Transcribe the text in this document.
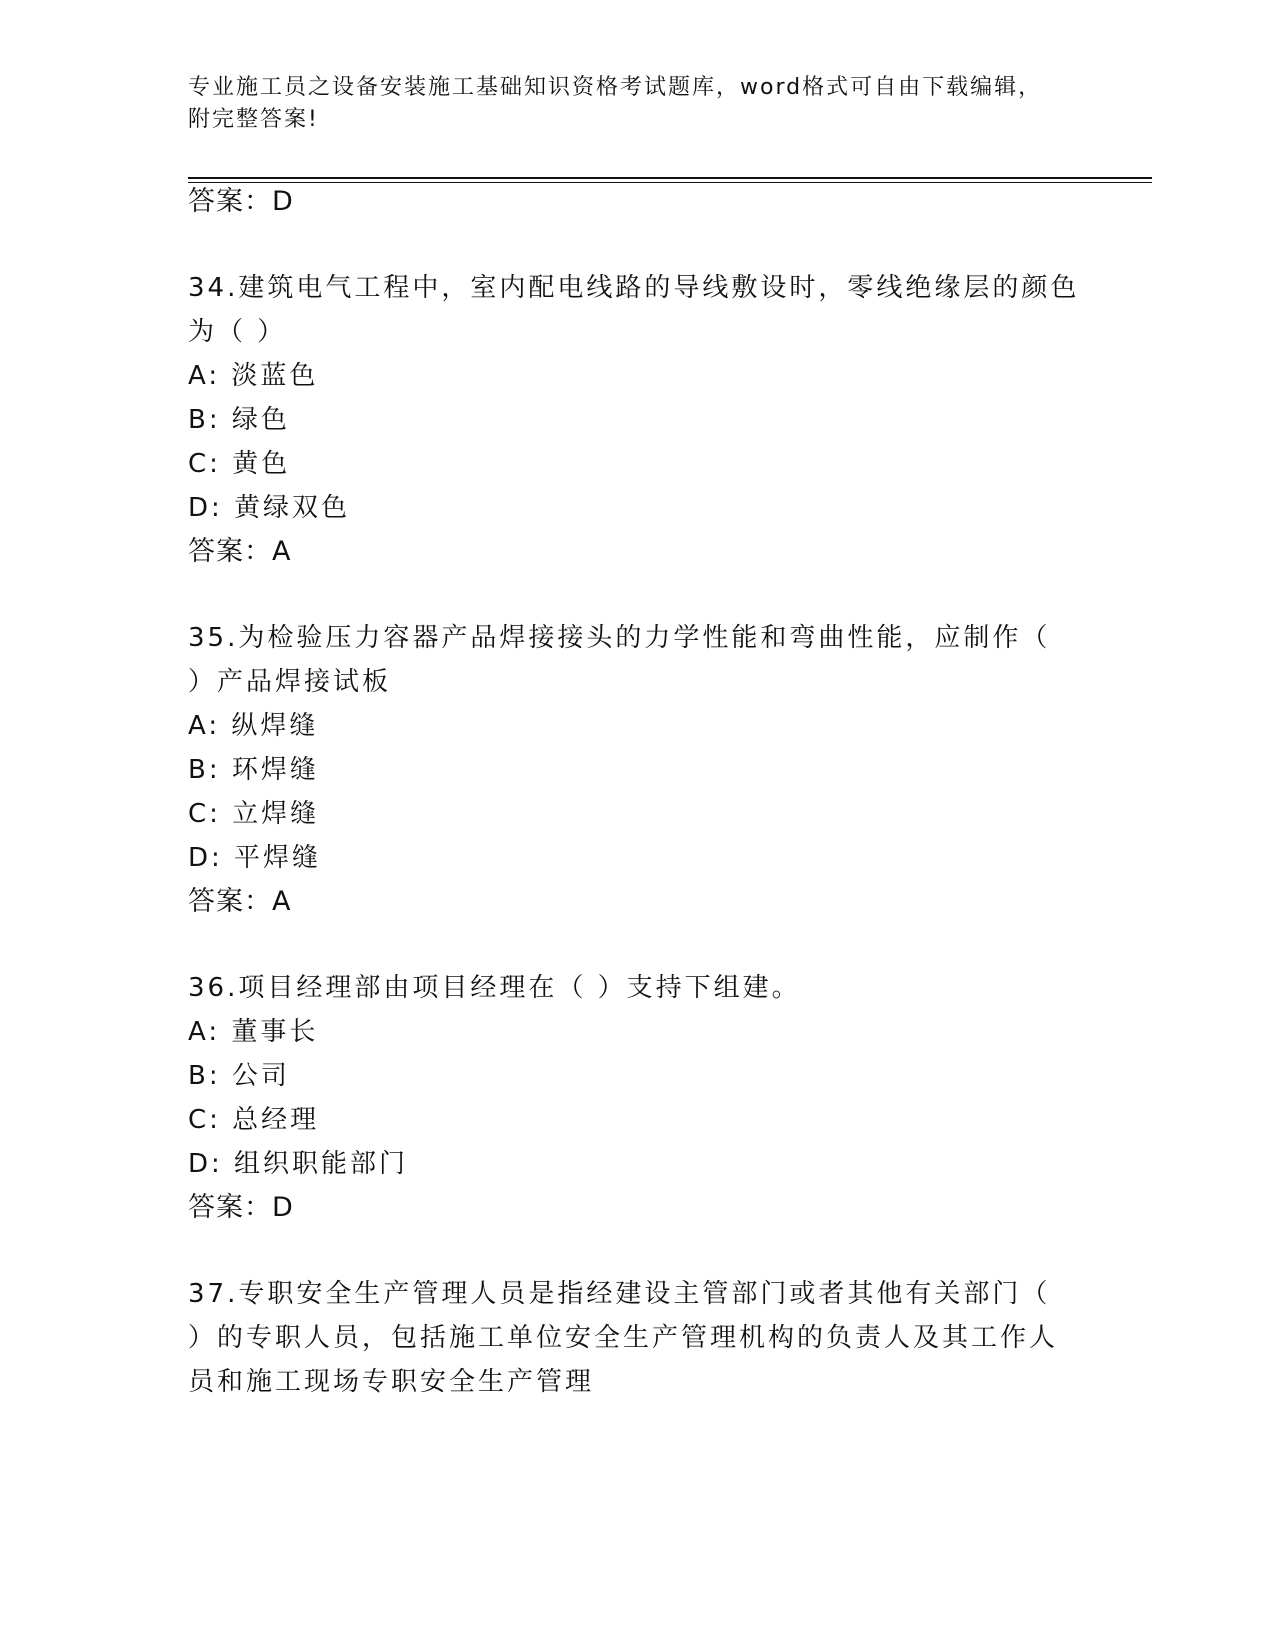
专业施工员之设备安装施工基础知识资格考试题库，word格式可自由下载编辑，
附完整答案!
答案：D
34.建筑电气工程中，室内配电线路的导线敷设时，零线绝缘层的颜色
为（ ）
A: 淡蓝色
B: 绿色
C: 黄色
D: 黄绿双色
答案：A
35.为检验压力容器产品焊接接头的力学性能和弯曲性能，应制作（
）产品焊接试板
A: 纵焊缝
B: 环焊缝
C: 立焊缝
D: 平焊缝
答案：A
36.项目经理部由项目经理在（ ）支持下组建。
A: 董事长
B: 公司
C: 总经理
D: 组织职能部门
答案：D
37.专职安全生产管理人员是指经建设主管部门或者其他有关部门（
）的专职人员，包括施工单位安全生产管理机构的负责人及其工作人
员和施工现场专职安全生产管理
